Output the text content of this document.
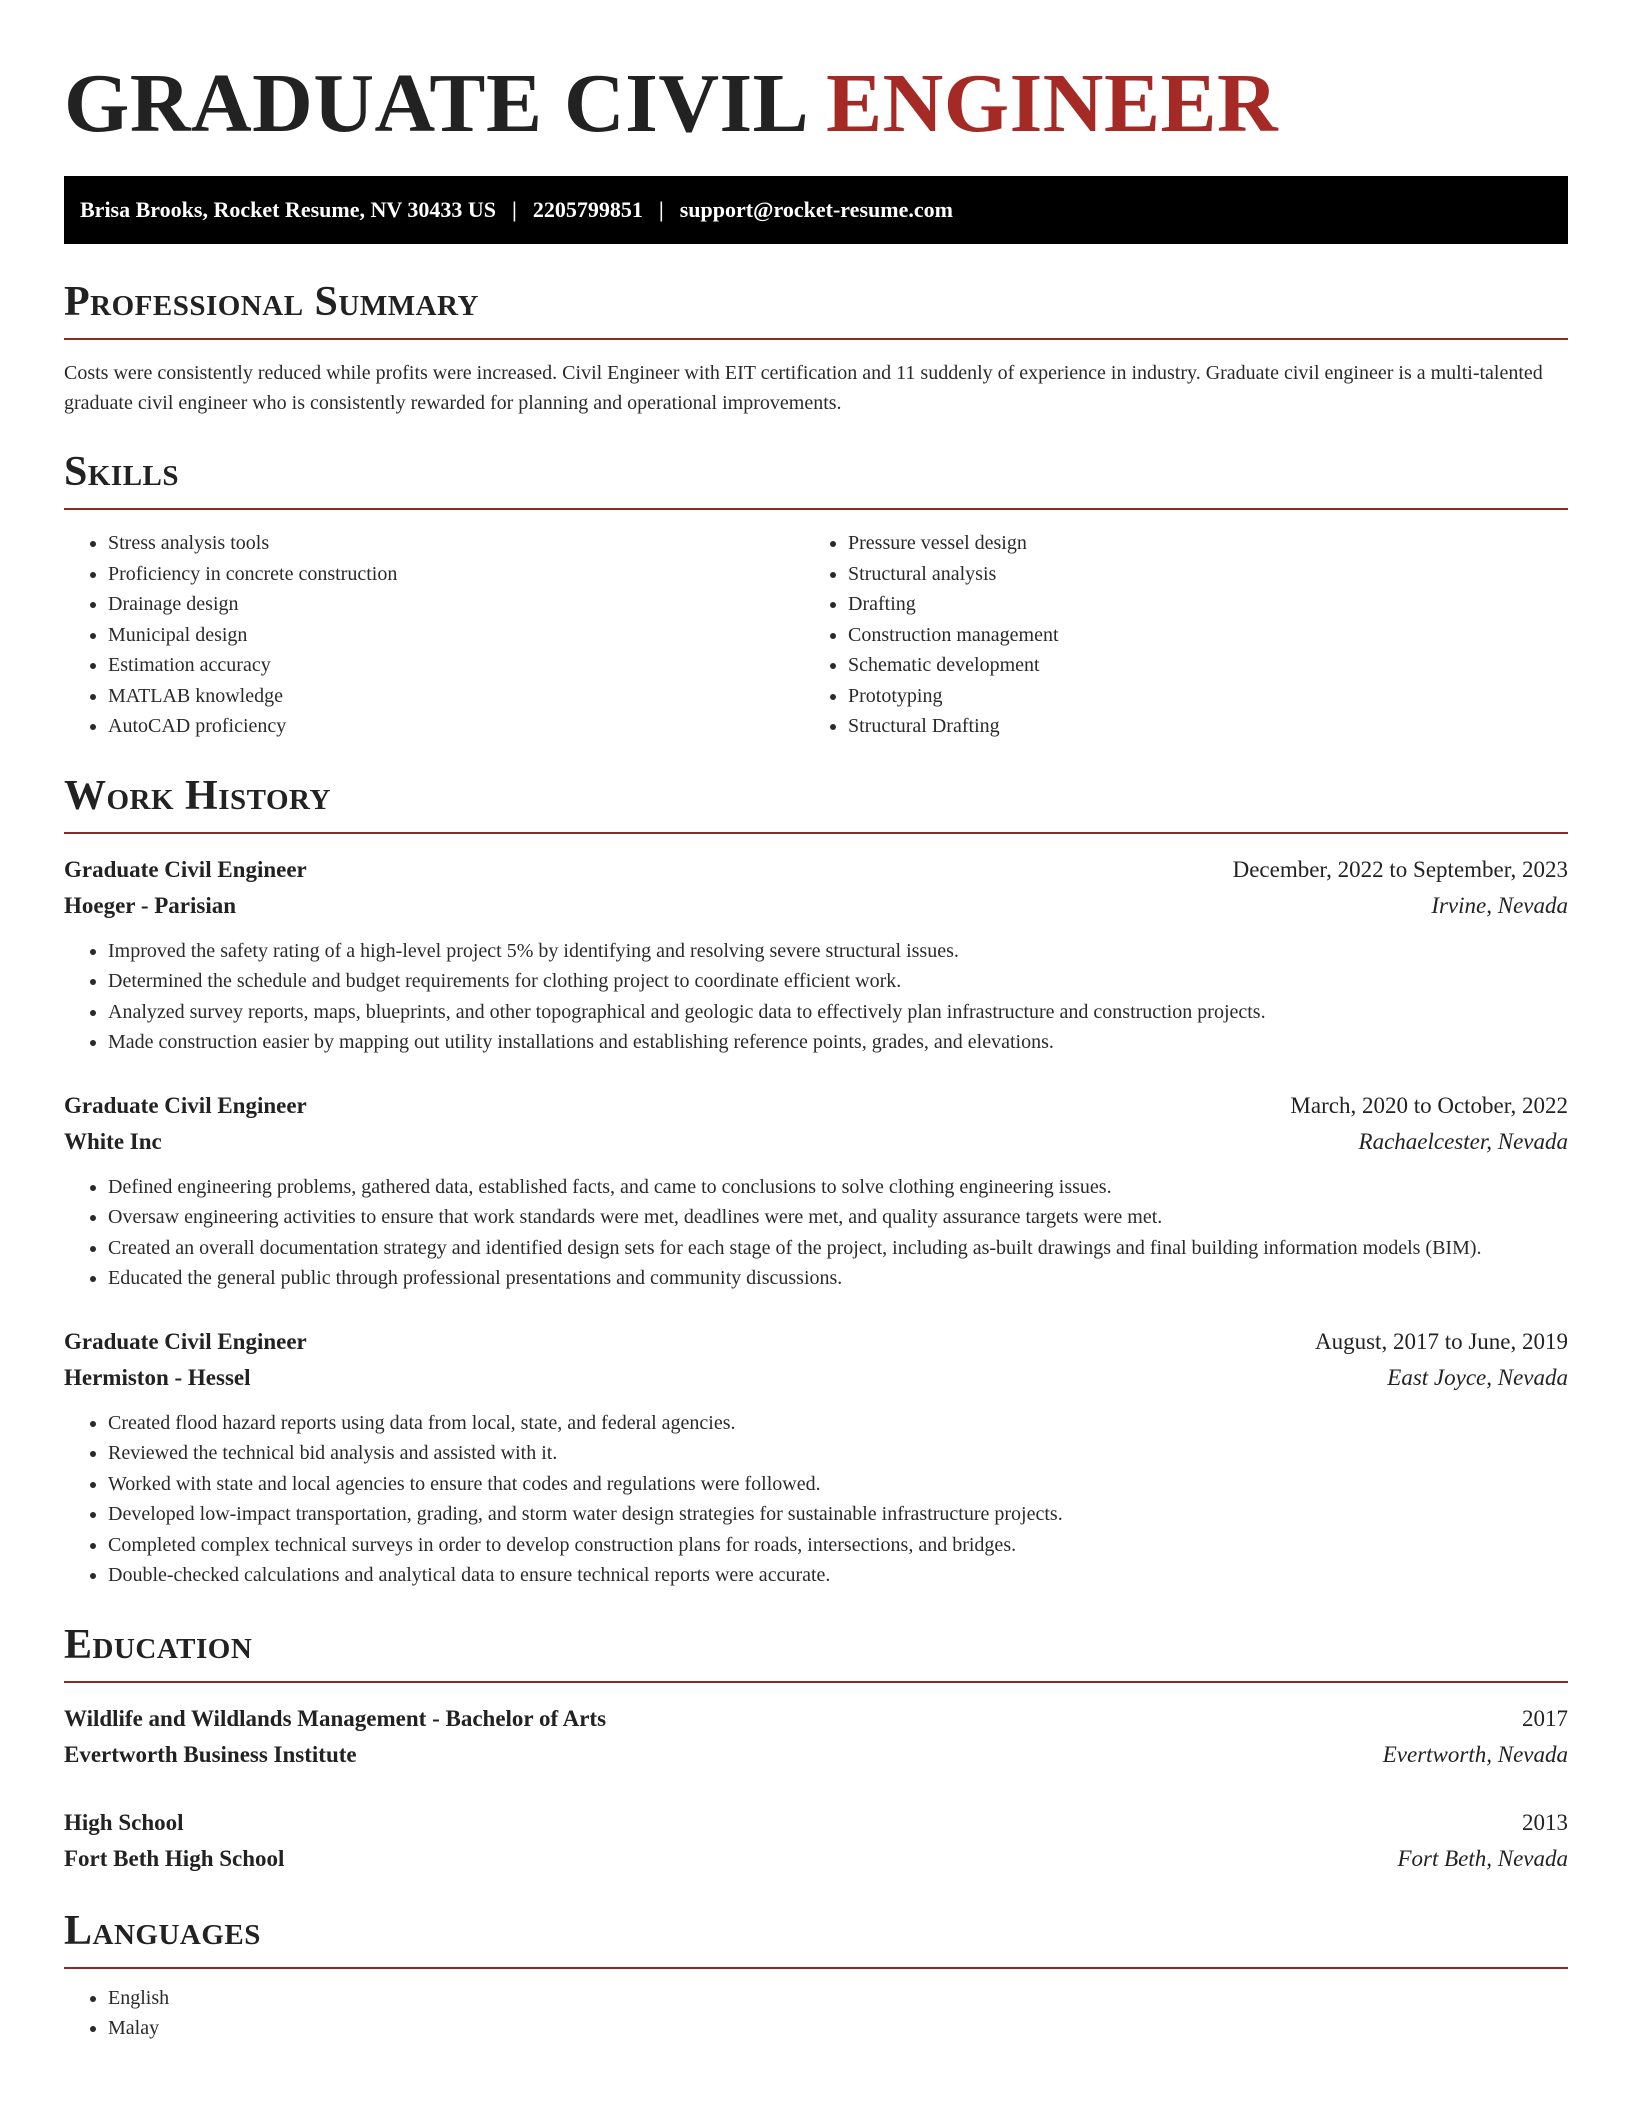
GRADUATE CIVIL ENGINEER
Brisa Brooks, Rocket Resume, NV 30433 US | 2205799851 | support@rocket-resume.com
Professional Summary

Costs were consistently reduced while profits were increased. Civil Engineer with EIT certification and 11 suddenly of experience in industry. Graduate civil engineer is a multi-talented graduate civil engineer who is consistently rewarded for planning and operational improvements.

Skills
• Stress analysis tools
• Proficiency in concrete construction
• Drainage design
• Municipal design
• Estimation accuracy
• MATLAB knowledge
• AutoCAD proficiency
• Pressure vessel design
• Structural analysis
• Drafting
• Construction management
• Schematic development
• Prototyping
• Structural Drafting
Work History
Graduate Civil Engineer	December, 2022 to September, 2023
Hoeger - Parisian	Irvine, Nevada
• Improved the safety rating of a high-level project 5% by identifying and resolving severe structural issues.
• Determined the schedule and budget requirements for clothing project to coordinate efficient work.
• Analyzed survey reports, maps, blueprints, and other topographical and geologic data to effectively plan infrastructure and construction projects.
• Made construction easier by mapping out utility installations and establishing reference points, grades, and elevations.
Graduate Civil Engineer	March, 2020 to October, 2022
White Inc	Rachaelcester, Nevada
• Defined engineering problems, gathered data, established facts, and came to conclusions to solve clothing engineering issues.
• Oversaw engineering activities to ensure that work standards were met, deadlines were met, and quality assurance targets were met.
• Created an overall documentation strategy and identified design sets for each stage of the project, including as-built drawings and final building information models (BIM).
• Educated the general public through professional presentations and community discussions.
Graduate Civil Engineer	August, 2017 to June, 2019
Hermiston - Hessel	East Joyce, Nevada
• Created flood hazard reports using data from local, state, and federal agencies.
• Reviewed the technical bid analysis and assisted with it.
• Worked with state and local agencies to ensure that codes and regulations were followed.
• Developed low-impact transportation, grading, and storm water design strategies for sustainable infrastructure projects.
• Completed complex technical surveys in order to develop construction plans for roads, intersections, and bridges.
• Double-checked calculations and analytical data to ensure technical reports were accurate.
Education
Wildlife and Wildlands Management - Bachelor of Arts	2017
Evertworth Business Institute	Evertworth, Nevada
High School	2013
Fort Beth High School	Fort Beth, Nevada
Languages
• English
• Malay
